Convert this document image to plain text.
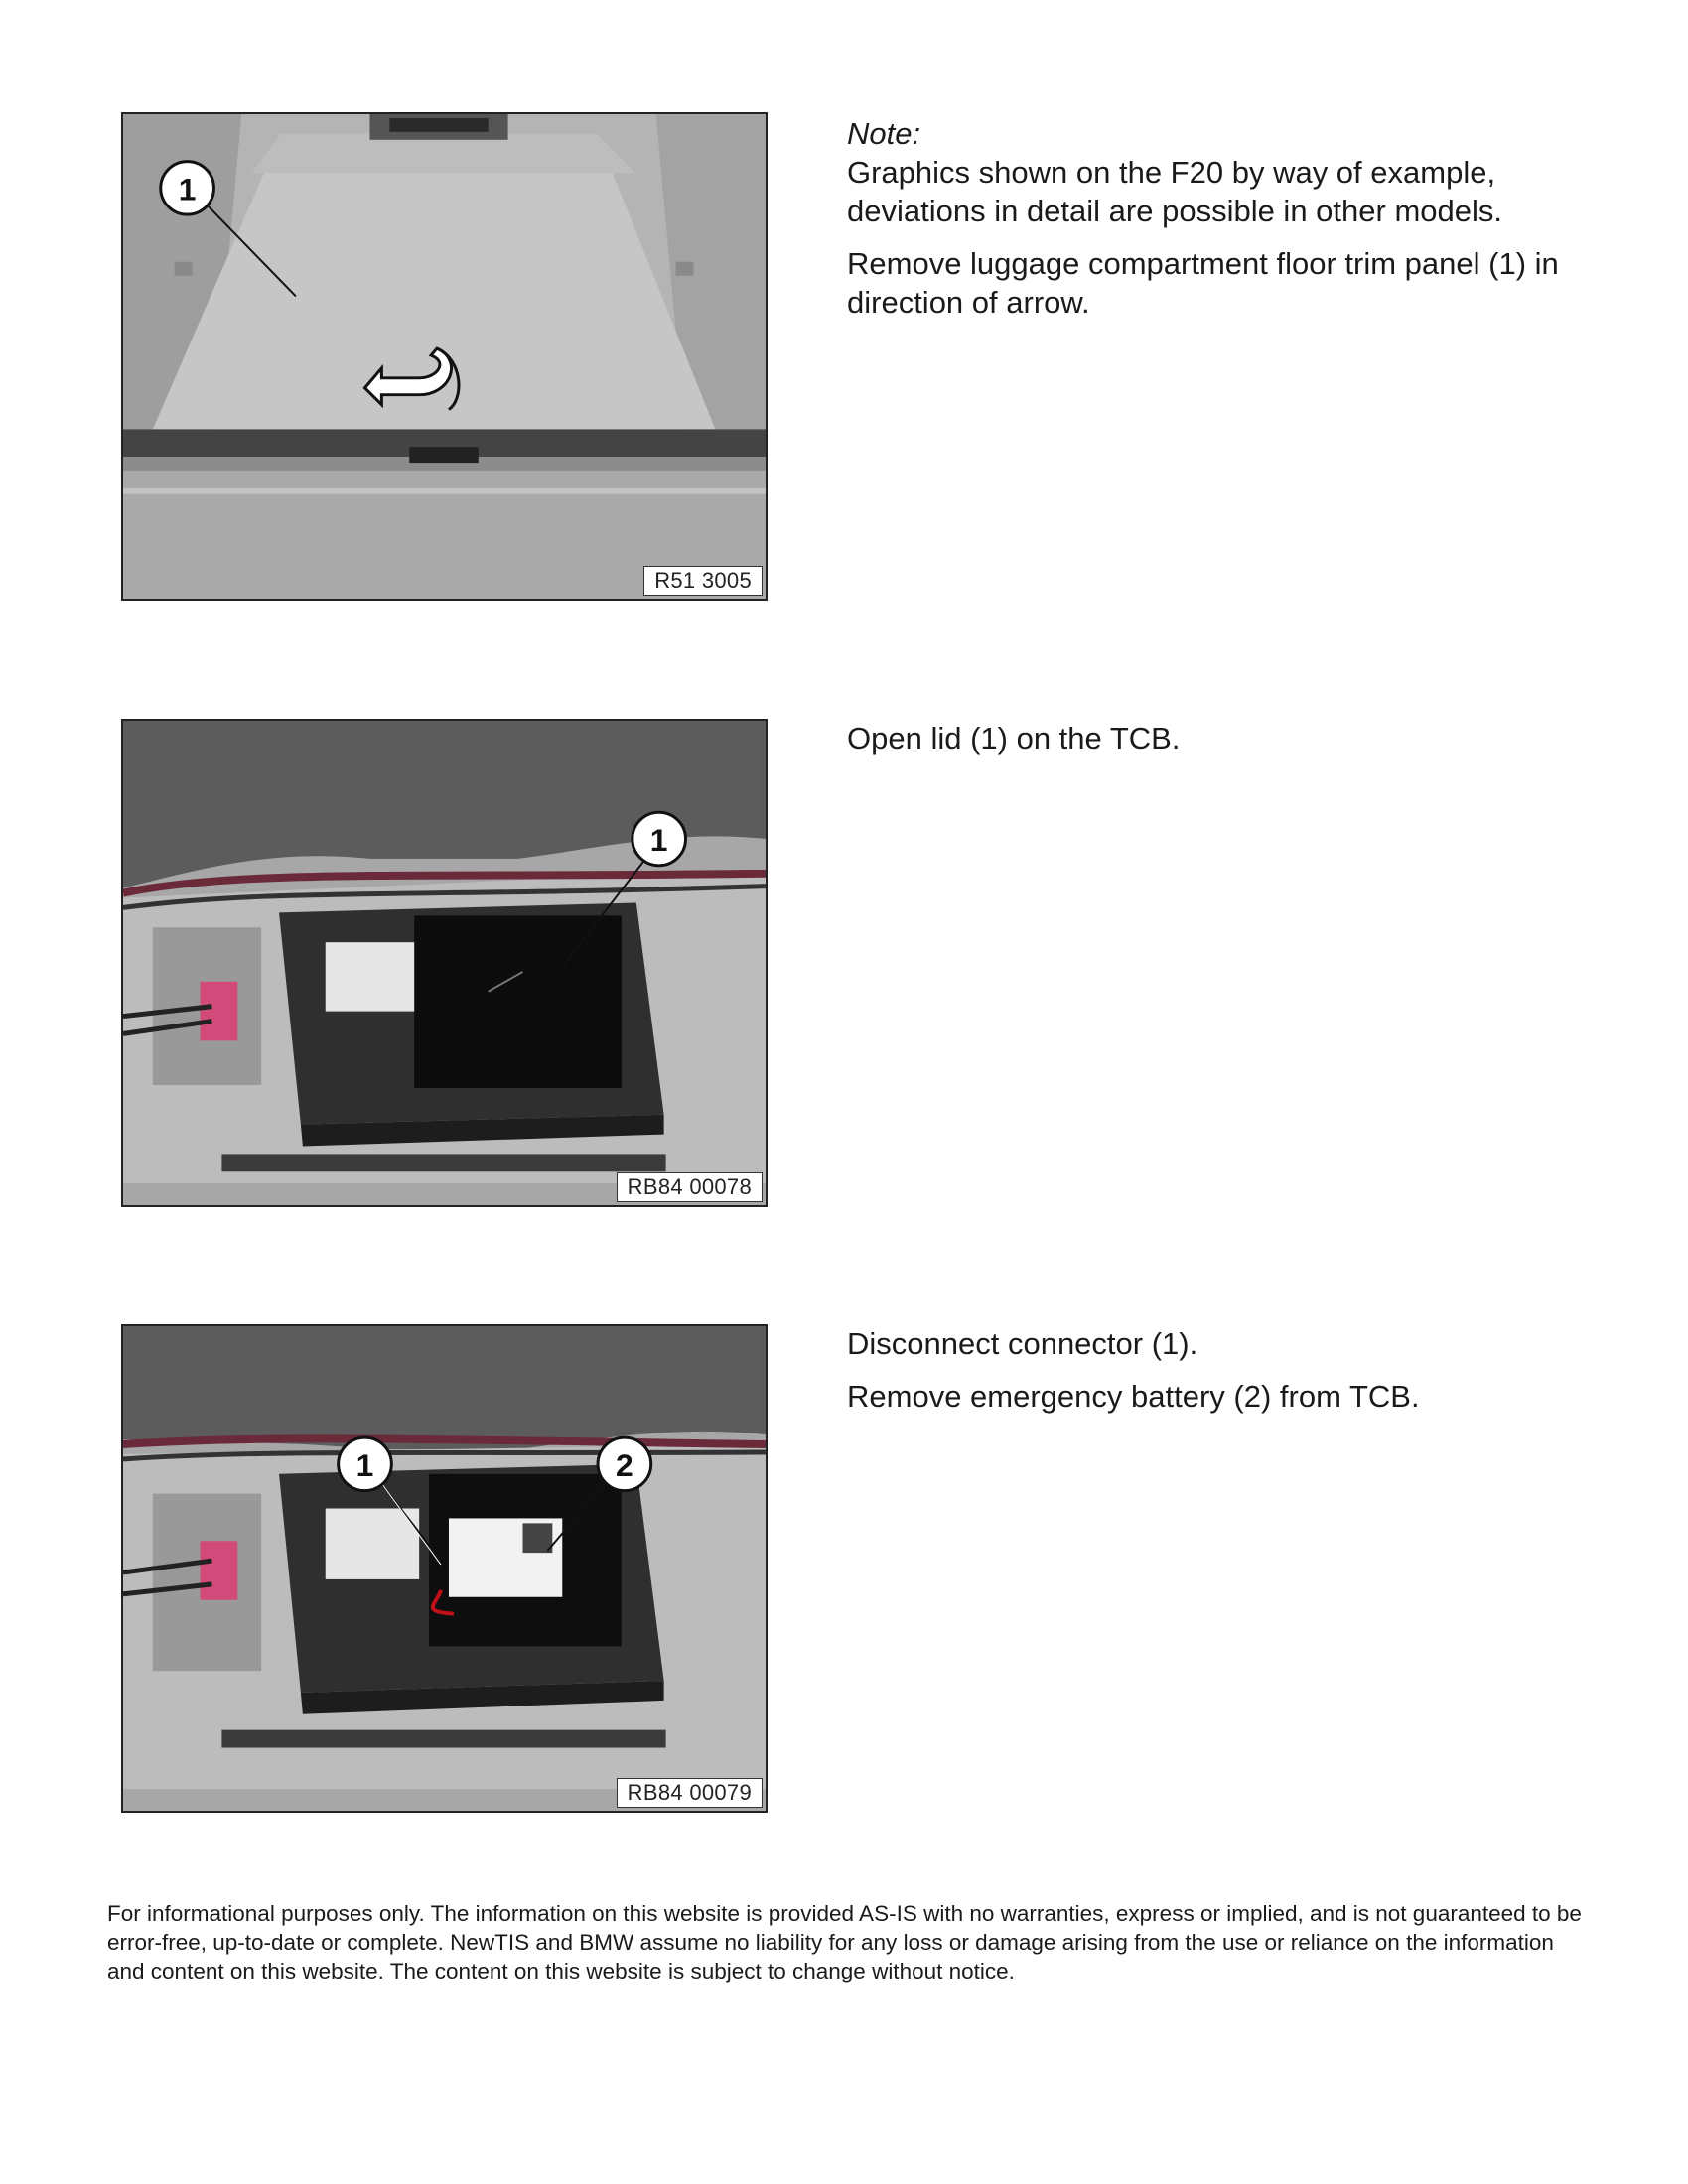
1
R51 3005

Note:

Graphics shown on the F20 by way of example, deviations in detail are possible in other models.

Remove luggage compartment floor trim panel (1) in direction of arrow.

1
RB84 00078

Open lid (1) on the TCB.

1	2
RB84 00079

Disconnect connector (1).

Remove emergency battery (2) from TCB.

For informational purposes only. The information on this website is provided AS-IS with no warranties, express or implied, and is not guaranteed to be error-free, up-to-date or complete. NewTIS and BMW assume no liability for any loss or damage arising from the use or reliance on the information and content on this website. The content on this website is subject to change without notice.
